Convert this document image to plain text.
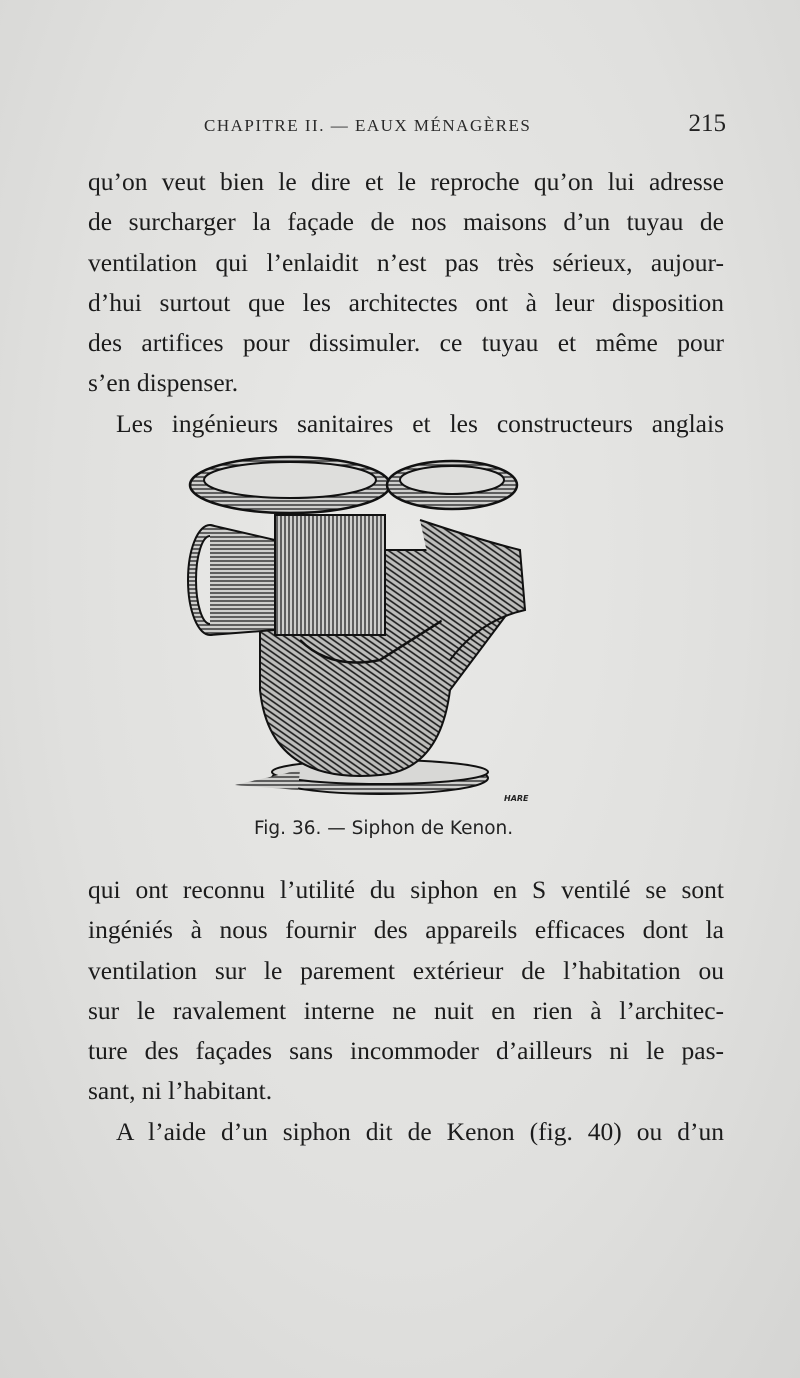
CHAPITRE II. — EAUX MÉNAGÈRES	215
qu’on veut bien le dire et le reproche qu’on lui adresse
de surcharger la façade de nos maisons d’un tuyau de
ventilation qui l’enlaidit n’est pas très sérieux, aujour-
d’hui surtout que les architectes ont à leur disposition
des artifices pour dissimuler. ce tuyau et même pour
s’en dispenser.
Les ingénieurs sanitaires et les constructeurs anglais
HARE
Fig. 36. — Siphon de Kenon.
qui ont reconnu l’utilité du siphon en S ventilé se sont
ingéniés à nous fournir des appareils efficaces dont la
ventilation sur le parement extérieur de l’habitation ou
sur le ravalement interne ne nuit en rien à l’architec-
ture des façades sans incommoder d’ailleurs ni le pas-
sant, ni l’habitant.
A l’aide d’un siphon dit de Kenon (fig. 40) ou d’un
